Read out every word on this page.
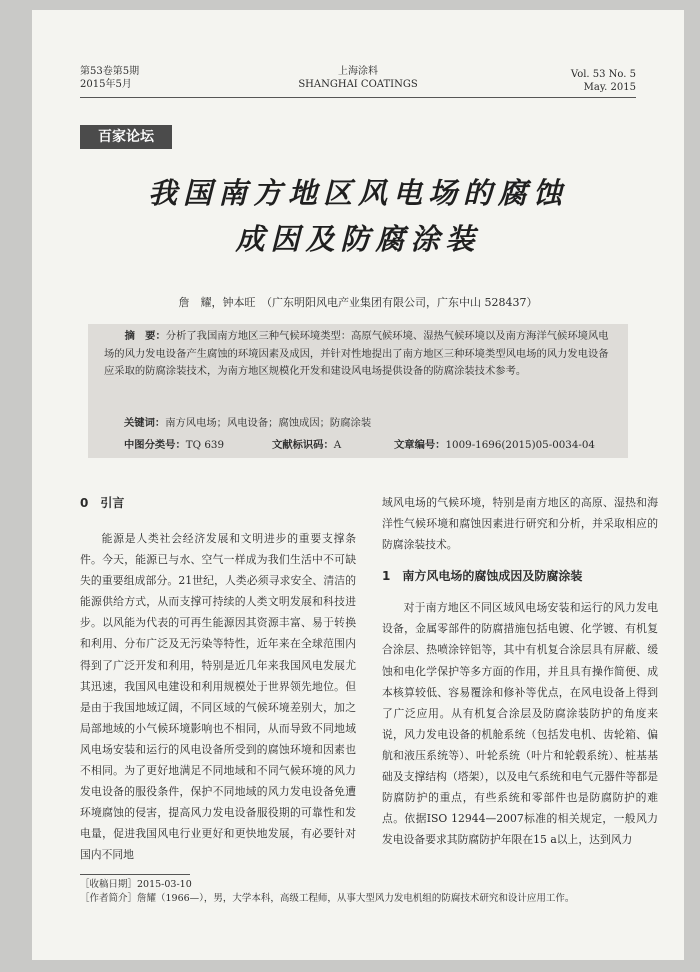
第53卷第5期
2015年5月
上海涂料
SHANGHAI COATINGS
Vol. 53 No. 5
May. 2015
百家论坛
我国南方地区风电场的腐蚀
成因及防腐涂装
詹　耀，钟本旺　（广东明阳风电产业集团有限公司，广东中山 528437）
摘　要：分析了我国南方地区三种气候环境类型：高原气候环境、湿热气候环境以及南方海洋气候环境风电场的风力发电设备产生腐蚀的环境因素及成因，并针对性地提出了南方地区三种环境类型风电场的风力发电设备应采取的防腐涂装技术，为南方地区规模化开发和建设风电场提供设备的防腐涂装技术参考。
关键词：南方风电场；风电设备；腐蚀成因；防腐涂装
中图分类号：TQ 639	文献标识码：A	文章编号：1009-1696(2015)05-0034-04
0　引言

能源是人类社会经济发展和文明进步的重要支撑条件。今天，能源已与水、空气一样成为我们生活中不可缺失的重要组成部分。21世纪，人类必须寻求安全、清洁的能源供给方式，从而支撑可持续的人类文明发展和科技进步。以风能为代表的可再生能源因其资源丰富、易于转换和利用、分布广泛及无污染等特性，近年来在全球范围内得到了广泛开发和利用，特别是近几年来我国风电发展尤其迅速，我国风电建设和利用规模处于世界领先地位。但是由于我国地域辽阔，不同区域的气候环境差别大，加之局部地域的小气候环境影响也不相同，从而导致不同地域风电场安装和运行的风电设备所受到的腐蚀环境和因素也不相同。为了更好地满足不同地域和不同气候环境的风力发电设备的服役条件，保护不同地域的风力发电设备免遭环境腐蚀的侵害，提高风力发电设备服役期的可靠性和发电量，促进我国风电行业更好和更快地发展，有必要针对国内不同地

域风电场的气候环境，特别是南方地区的高原、湿热和海洋性气候环境和腐蚀因素进行研究和分析，并采取相应的防腐涂装技术。

1　南方风电场的腐蚀成因及防腐涂装

对于南方地区不同区域风电场安装和运行的风力发电设备，金属零部件的防腐措施包括电镀、化学镀、有机复合涂层、热喷涂锌铝等，其中有机复合涂层具有屏蔽、缓蚀和电化学保护等多方面的作用，并且具有操作简便、成本核算较低、容易覆涂和修补等优点，在风电设备上得到了广泛应用。从有机复合涂层及防腐涂装防护的角度来说，风力发电设备的机舱系统（包括发电机、齿轮箱、偏航和液压系统等）、叶轮系统（叶片和轮毂系统）、桩基基础及支撑结构（塔架），以及电气系统和电气元器件等都是防腐防护的重点，有些系统和零部件也是防腐防护的难点。依据ISO 12944—2007标准的相关规定，一般风力发电设备要求其防腐防护年限在15 a以上，达到风力

［收稿日期］2015-03-10
［作者简介］詹耀（1966—），男，大学本科，高级工程师，从事大型风力发电机组的防腐技术研究和设计应用工作。
